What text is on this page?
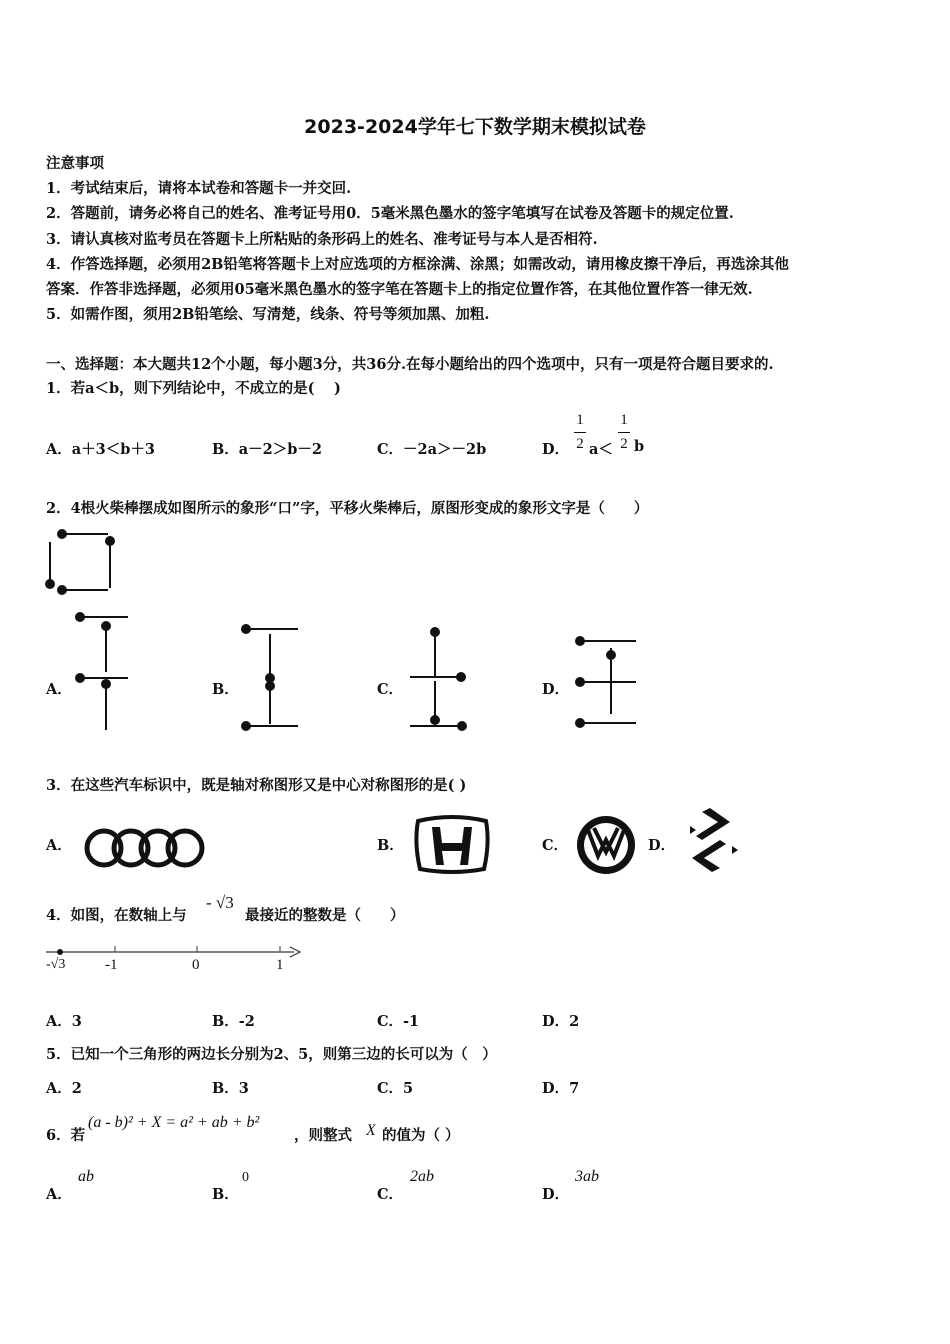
2023-2024学年七下数学期末模拟试卷
注意事项
1．考试结束后，请将本试卷和答题卡一并交回.
2．答题前，请务必将自己的姓名、准考证号用0．5毫米黑色墨水的签字笔填写在试卷及答题卡的规定位置.
3．请认真核对监考员在答题卡上所粘贴的条形码上的姓名、准考证号与本人是否相符.
4．作答选择题，必须用2B铅笔将答题卡上对应选项的方框涂满、涂黑；如需改动，请用橡皮擦干净后，再选涂其他
答案．作答非选择题，必须用05毫米黑色墨水的签字笔在答题卡上的指定位置作答，在其他位置作答一律无效.
5．如需作图，须用2B铅笔绘、写清楚，线条、符号等须加黑、加粗.
一、选择题：本大题共12个小题，每小题3分，共36分.在每小题给出的四个选项中，只有一项是符合题目要求的.
1．若a＜b，则下列结论中，不成立的是(　 )
A．a＋3＜b＋3	B．a－2＞b－2	C．－2a＞－2b	D．
1
2 a＜
1
2 b
2．4根火柴棒摆成如图所示的象形“口”字，平移火柴棒后，原图形变成的象形文字是（　　）
A．	B．	C．	D．
3．在这些汽车标识中，既是轴对称图形又是中心对称图形的是( )
A．	B．	C．	D．
4．如图，在数轴上与
- √3
最接近的整数是（　　）
-√3	-1	0	1
A．3	B．-2	C．-1	D．2
5．已知一个三角形的两边长分别为2、5，则第三边的长可以为（　）
A．2	B．3	C．5	D．7
6．若
(a - b)² + X = a² + ab + b²
，则整式 X 的值为（ ）
A．
ab
B．
0
C．
2ab
D．
3ab
